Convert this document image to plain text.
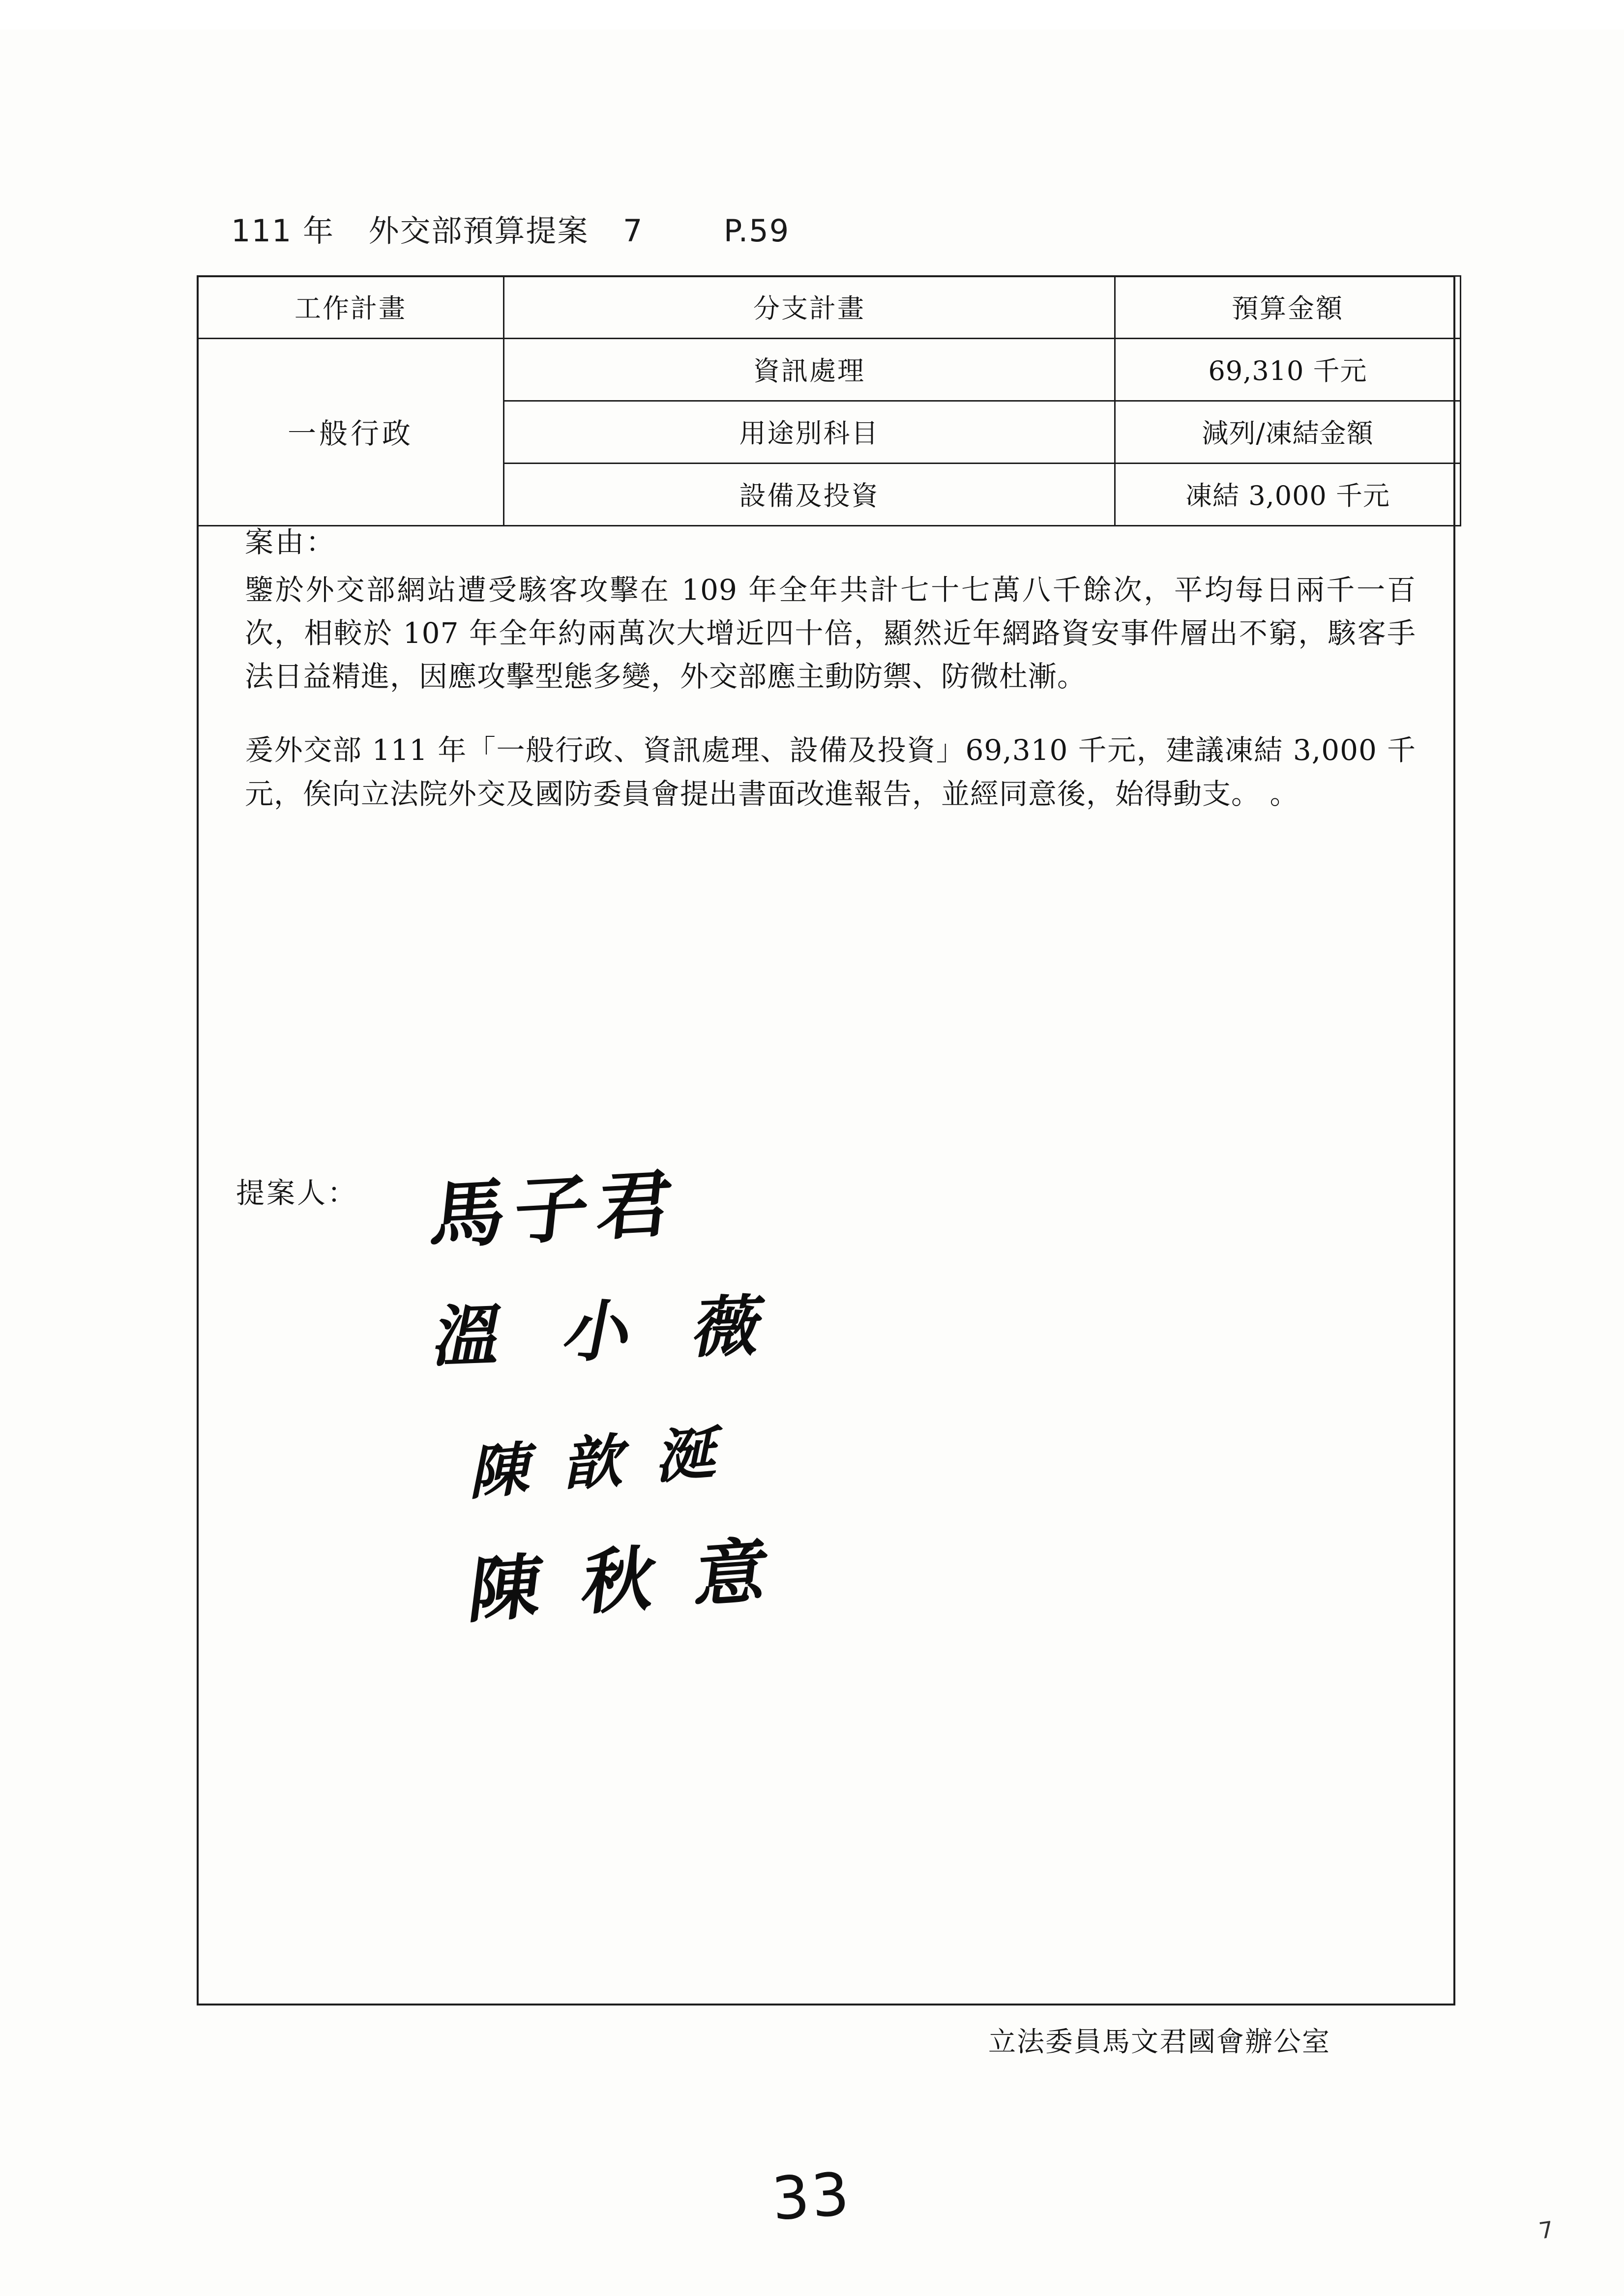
111 年 外交部預算提案 7	P.59
工作計畫	分支計畫	預算金額
一般行政	資訊處理	69,310 千元
	用途別科目	減列/凍結金額
	設備及投資	凍結 3,000 千元

案由：

鑒於外交部網站遭受駭客攻擊在 109 年全年共計七十七萬八千餘次，平均每日兩千一百次，相較於 107 年全年約兩萬次大增近四十倍，顯然近年網路資安事件層出不窮，駭客手法日益精進，因應攻擊型態多變，外交部應主動防禦、防微杜漸。

爰外交部 111 年「一般行政、資訊處理、設備及投資」69,310 千元，建議凍結 3,000 千元，俟向立法院外交及國防委員會提出書面改進報告，並經同意後，始得動支。 。

提案人： 馬子君
溫 小 薇
陳 歆 涎
陳 秋 意
立法委員馬文君國會辦公室
33	7
